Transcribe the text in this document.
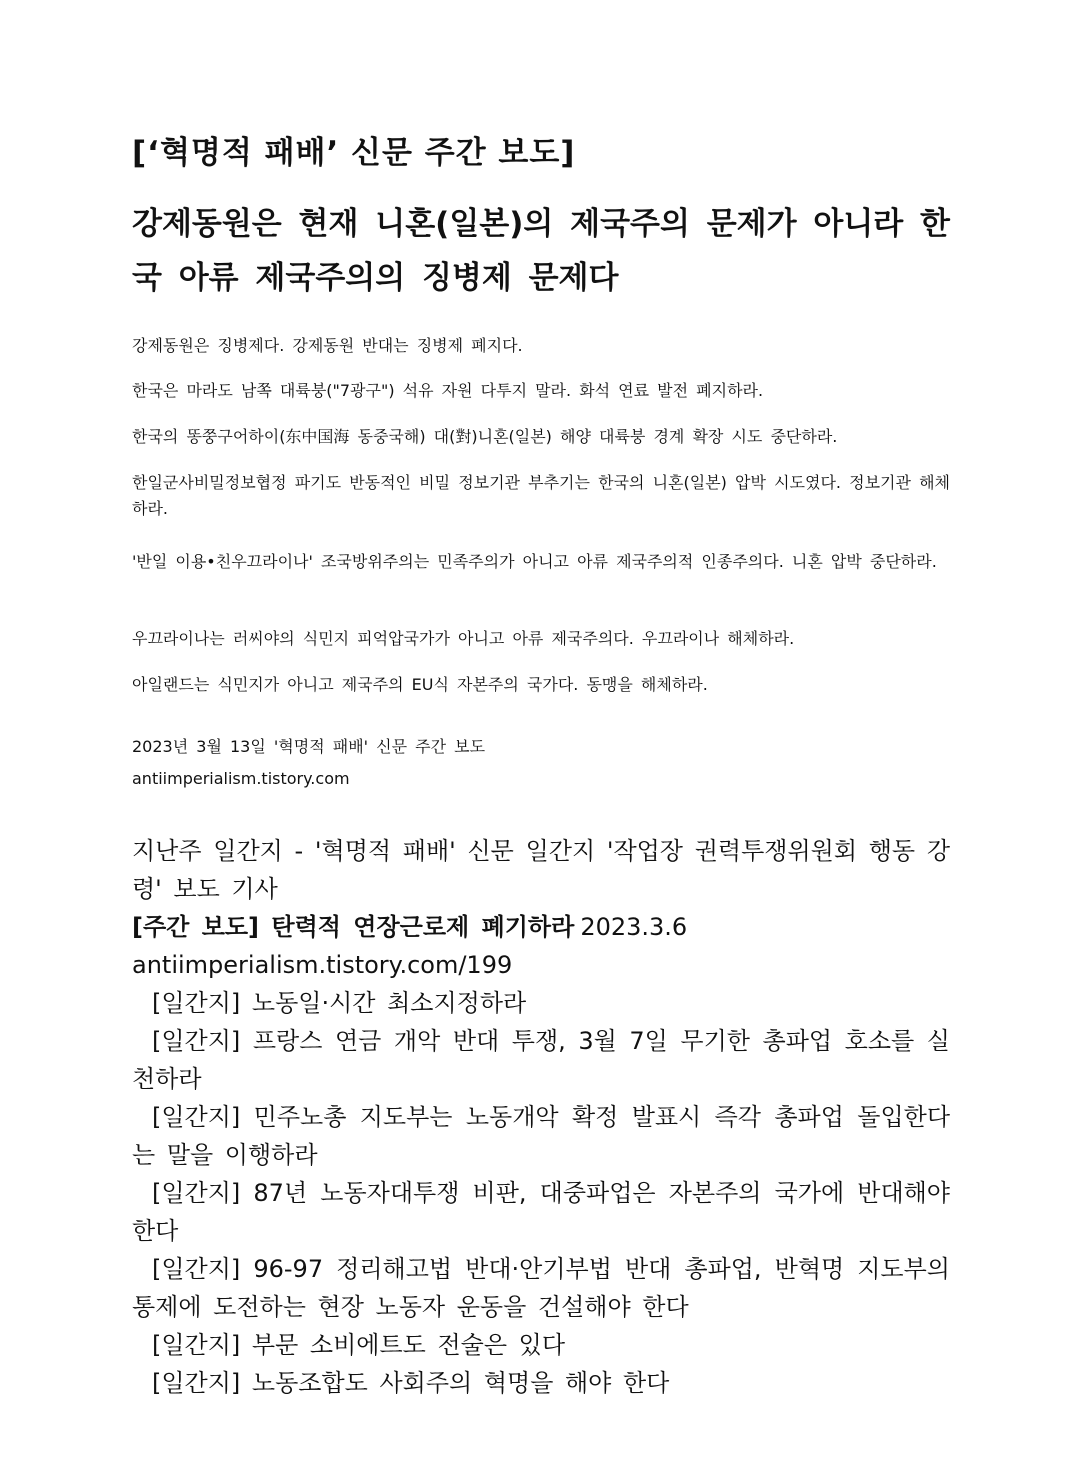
[‘혁명적 패배’ 신문 주간 보도]
강제동원은 현재 니혼(일본)의 제국주의 문제가 아니라 한국 아류 제국주의의 징병제 문제다
강제동원은 징병제다. 강제동원 반대는 징병제 폐지다.
한국은 마라도 남쪽 대륙붕("7광구") 석유 자원 다투지 말라. 화석 연료 발전 폐지하라.
한국의 똥쭝구어하이(东中国海 동중국해) 대(對)니혼(일본) 해양 대륙붕 경계 확장 시도 중단하라.
한일군사비밀정보협정 파기도 반동적인 비밀 정보기관 부추기는 한국의 니혼(일본) 압박 시도였다. 정보기관 해체하라.
'반일 이용•친우끄라이나' 조국방위주의는 민족주의가 아니고 아류 제국주의적 인종주의다. 니혼 압박 중단하라.
우끄라이나는 러씨야의 식민지 피억압국가가 아니고 아류 제국주의다. 우끄라이나 해체하라.
아일랜드는 식민지가 아니고 제국주의 EU식 자본주의 국가다. 동맹을 해체하라.
2023년 3월 13일 '혁명적 패배' 신문 주간 보도
antiimperialism.tistory.com
지난주 일간지 - '혁명적 패배' 신문 일간지 '작업장 권력투쟁위원회 행동 강령' 보도 기사
[주간 보도] 탄력적 연장근로제 폐기하라 2023.3.6
antiimperialism.tistory.com/199
[일간지] 노동일·시간 최소지정하라
[일간지] 프랑스 연금 개악 반대 투쟁, 3월 7일 무기한 총파업 호소를 실천하라
[일간지] 민주노총 지도부는 노동개악 확정 발표시 즉각 총파업 돌입한다는 말을 이행하라
[일간지] 87년 노동자대투쟁 비판, 대중파업은 자본주의 국가에 반대해야 한다
[일간지] 96-97 정리해고법 반대·안기부법 반대 총파업, 반혁명 지도부의 통제에 도전하는 현장 노동자 운동을 건설해야 한다
[일간지] 부문 소비에트도 전술은 있다
[일간지] 노동조합도 사회주의 혁명을 해야 한다
